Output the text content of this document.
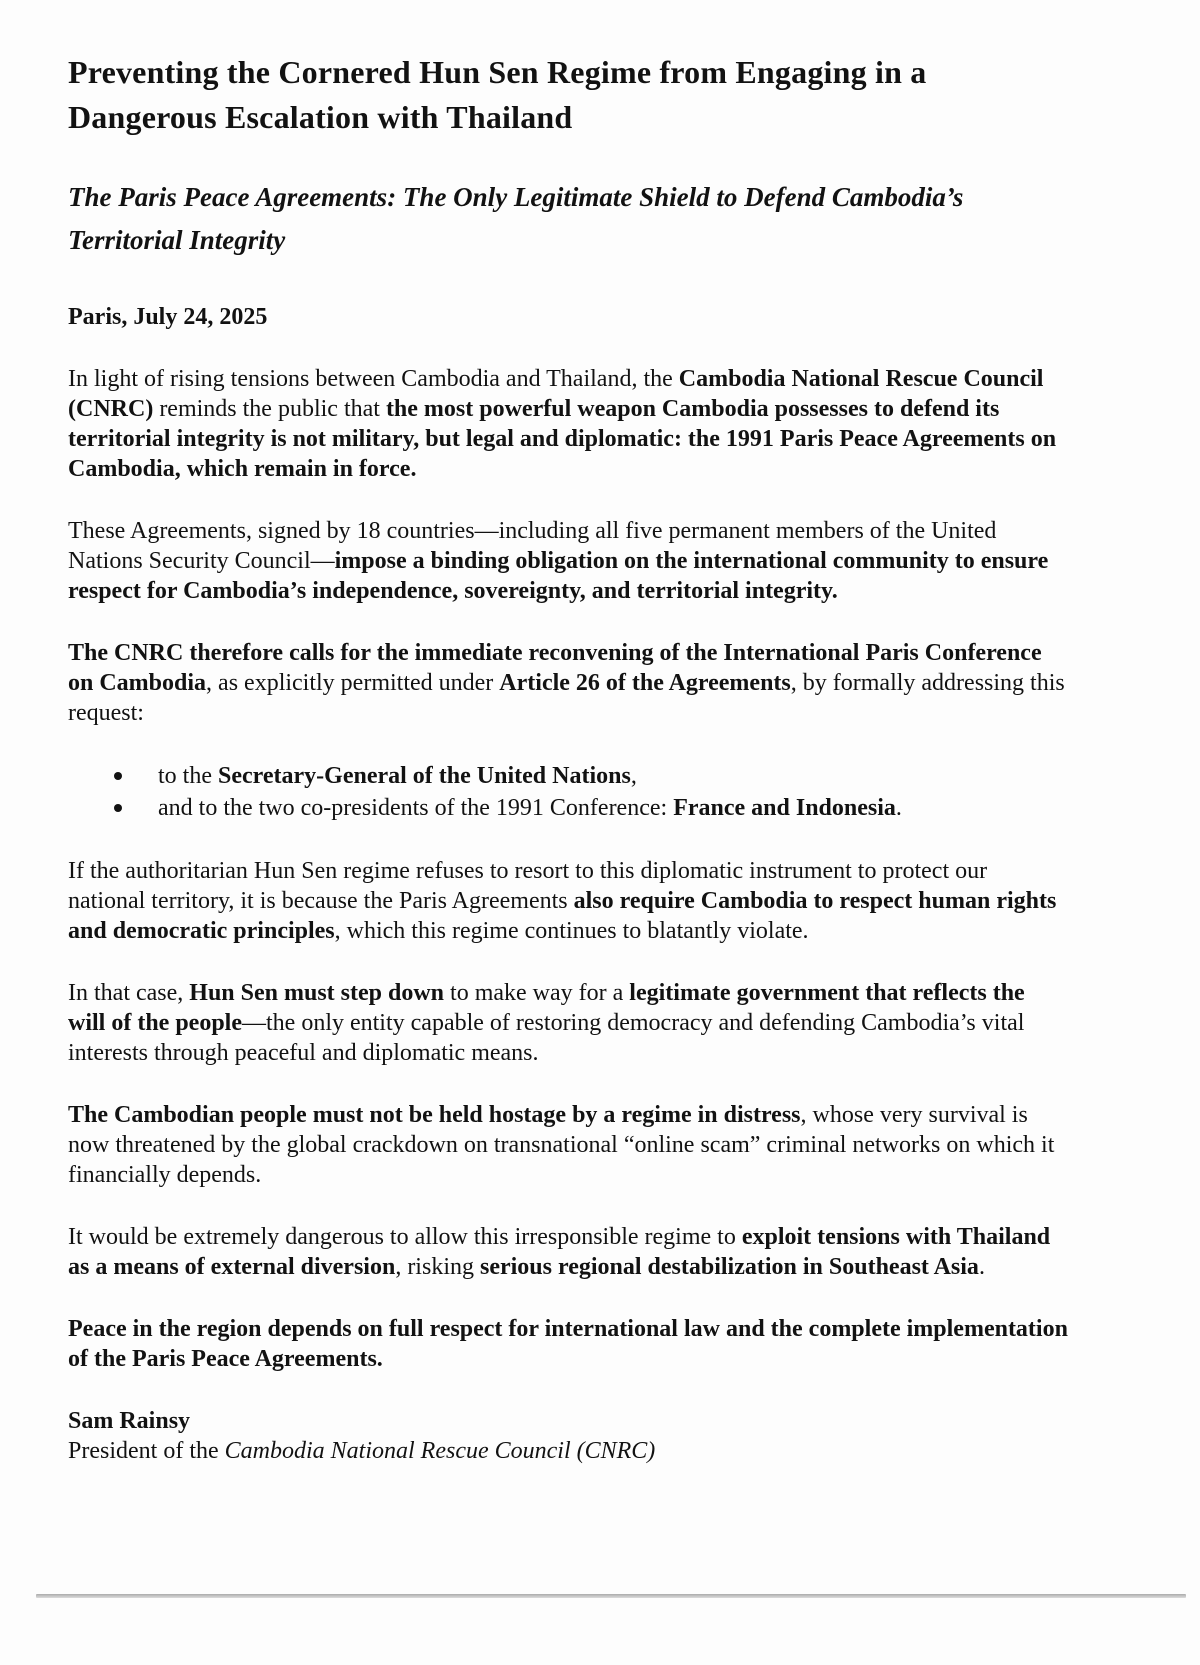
Preventing the Cornered Hun Sen Regime from Engaging in a Dangerous Escalation with Thailand
The Paris Peace Agreements: The Only Legitimate Shield to Defend Cambodia’s Territorial Integrity

Paris, July 24, 2025

In light of rising tensions between Cambodia and Thailand, the Cambodia National Rescue Council (CNRC) reminds the public that the most powerful weapon Cambodia possesses to defend its territorial integrity is not military, but legal and diplomatic: the 1991 Paris Peace Agreements on Cambodia, which remain in force.

These Agreements, signed by 18 countries—including all five permanent members of the United Nations Security Council—impose a binding obligation on the international community to ensure respect for Cambodia’s independence, sovereignty, and territorial integrity.

The CNRC therefore calls for the immediate reconvening of the International Paris Conference on Cambodia, as explicitly permitted under Article 26 of the Agreements, by formally addressing this request:

to the Secretary-General of the United Nations,
and to the two co-presidents of the 1991 Conference: France and Indonesia.

If the authoritarian Hun Sen regime refuses to resort to this diplomatic instrument to protect our national territory, it is because the Paris Agreements also require Cambodia to respect human rights and democratic principles, which this regime continues to blatantly violate.

In that case, Hun Sen must step down to make way for a legitimate government that reflects the will of the people—the only entity capable of restoring democracy and defending Cambodia’s vital interests through peaceful and diplomatic means.

The Cambodian people must not be held hostage by a regime in distress, whose very survival is now threatened by the global crackdown on transnational “online scam” criminal networks on which it financially depends.

It would be extremely dangerous to allow this irresponsible regime to exploit tensions with Thailand as a means of external diversion, risking serious regional destabilization in Southeast Asia.

Peace in the region depends on full respect for international law and the complete implementation of the Paris Peace Agreements.

Sam Rainsy

President of the Cambodia National Rescue Council (CNRC)
